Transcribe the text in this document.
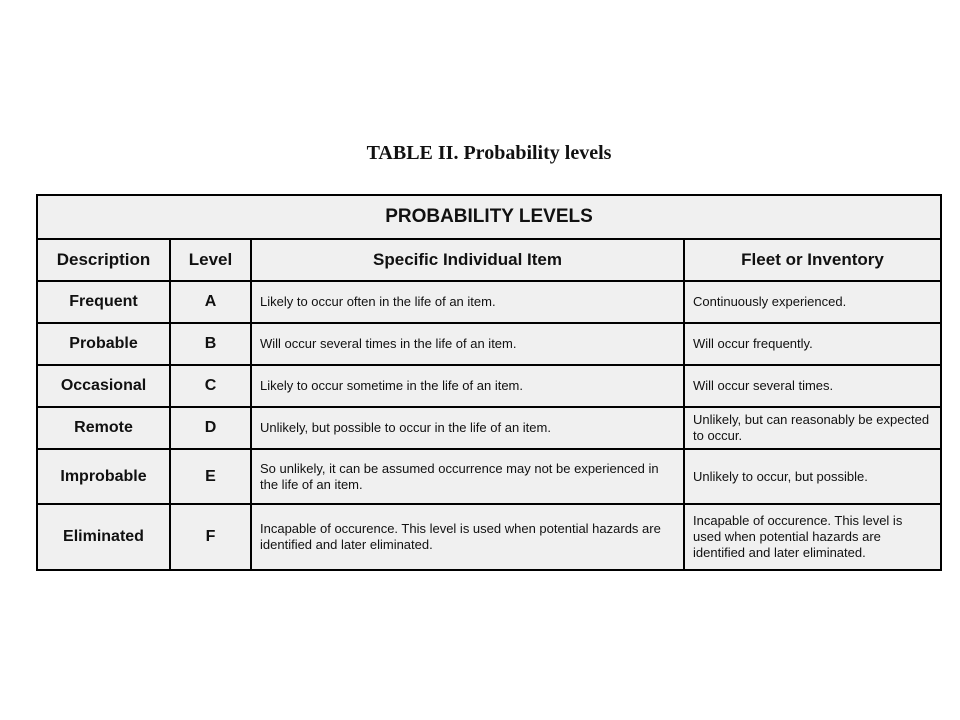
TABLE II. Probability levels
PROBABILITY LEVELS			
Description	Level	Specific Individual Item	Fleet or Inventory
Frequent	A	Likely to occur often in the life of an item.	Continuously experienced.
Probable	B	Will occur several times in the life of an item.	Will occur frequently.
Occasional	C	Likely to occur sometime in the life of an item.	Will occur several times.
Remote	D	Unlikely, but possible to occur in the life of an item.	Unlikely, but can reasonably be expected to occur.
Improbable	E	So unlikely, it can be assumed occurrence may not be experienced in the life of an item.	Unlikely to occur, but possible.
Eliminated	F	Incapable of occurence. This level is used when potential hazards are identified and later eliminated.	Incapable of occurence. This level is used when potential hazards are identified and later eliminated.
